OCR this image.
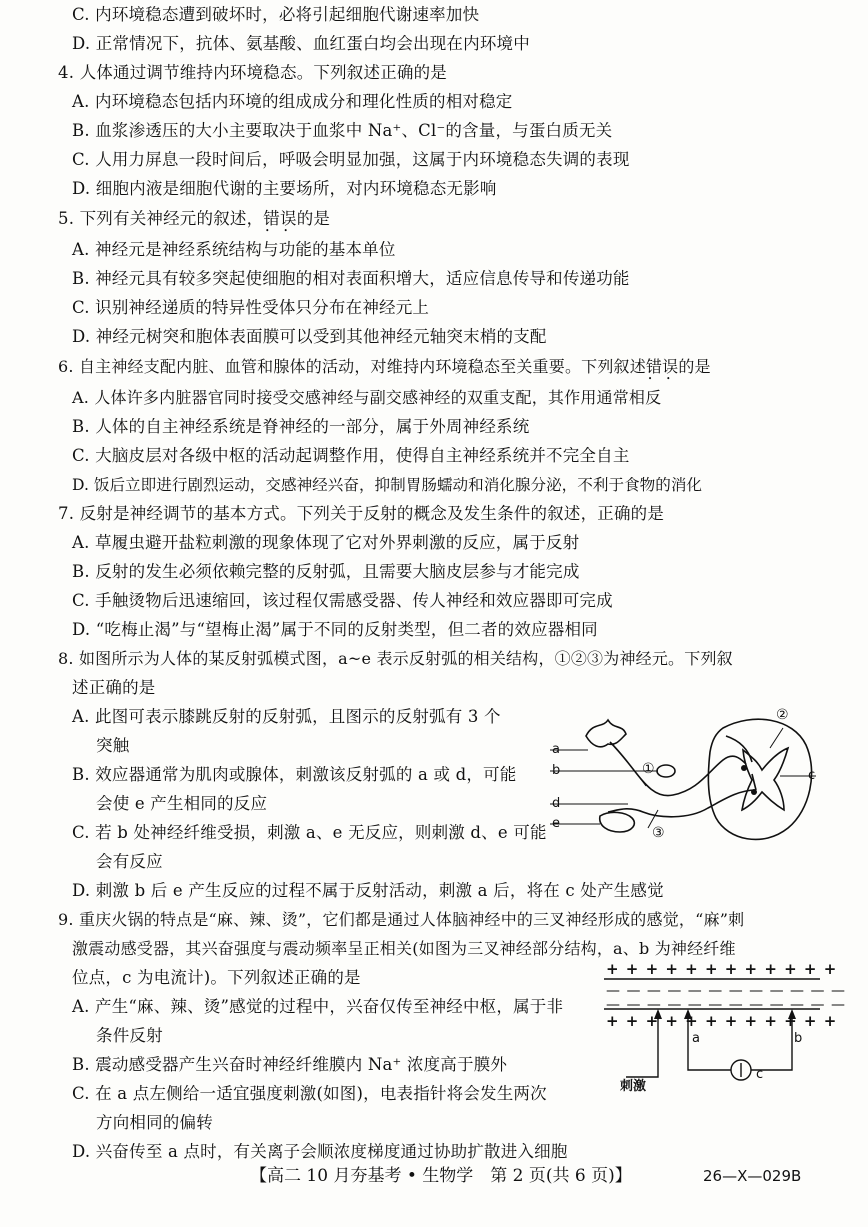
C. 内环境稳态遭到破坏时，必将引起细胞代谢速率加快
D. 正常情况下，抗体、氨基酸、血红蛋白均会出现在内环境中
4. 人体通过调节维持内环境稳态。下列叙述正确的是
A. 内环境稳态包括内环境的组成成分和理化性质的相对稳定
B. 血浆渗透压的大小主要取决于血浆中 Na⁺、Cl⁻的含量，与蛋白质无关
C. 人用力屏息一段时间后，呼吸会明显加强，这属于内环境稳态失调的表现
D. 细胞内液是细胞代谢的主要场所，对内环境稳态无影响
5. 下列有关神经元的叙述，错误 • •的是
A. 神经元是神经系统结构与功能的基本单位
B. 神经元具有较多突起使细胞的相对表面积增大，适应信息传导和传递功能
C. 识别神经递质的特异性受体只分布在神经元上
D. 神经元树突和胞体表面膜可以受到其他神经元轴突末梢的支配
6. 自主神经支配内脏、血管和腺体的活动，对维持内环境稳态至关重要。下列叙述错误 • •的是
A. 人体许多内脏器官同时接受交感神经与副交感神经的双重支配，其作用通常相反
B. 人体的自主神经系统是脊神经的一部分，属于外周神经系统
C. 大脑皮层对各级中枢的活动起调整作用，使得自主神经系统并不完全自主
D. 饭后立即进行剧烈运动，交感神经兴奋，抑制胃肠蠕动和消化腺分泌，不利于食物的消化
7. 反射是神经调节的基本方式。下列关于反射的概念及发生条件的叙述，正确的是
A. 草履虫避开盐粒刺激的现象体现了它对外界刺激的反应，属于反射
B. 反射的发生必须依赖完整的反射弧，且需要大脑皮层参与才能完成
C. 手触烫物后迅速缩回，该过程仅需感受器、传人神经和效应器即可完成
D. “吃梅止渴”与“望梅止渴”属于不同的反射类型，但二者的效应器相同
8. 如图所示为人体的某反射弧模式图，a~e 表示反射弧的相关结构，①②③为神经元。下列叙
述正确的是
A. 此图可表示膝跳反射的反射弧，且图示的反射弧有 3 个
突触
B. 效应器通常为肌肉或腺体，刺激该反射弧的 a 或 d，可能
会使 e 产生相同的反应
C. 若 b 处神经纤维受损，刺激 a、e 无反应，则刺激 d、e 可能
会有反应
D. 刺激 b 后 e 产生反应的过程不属于反射活动，刺激 a 后，将在 c 处产生感觉
a
b	c
d
e
①
②
③
9. 重庆火锅的特点是“麻、辣、烫”，它们都是通过人体脑神经中的三叉神经形成的感觉，“麻”刺
激震动感受器，其兴奋强度与震动频率呈正相关(如图为三叉神经部分结构，a、b 为神经纤维
位点，c 为电流计)。下列叙述正确的是
A. 产生“麻、辣、烫”感觉的过程中，兴奋仅传至神经中枢，属于非
条件反射
B. 震动感受器产生兴奋时神经纤维膜内 Na⁺ 浓度高于膜外
C. 在 a 点左侧给一适宜强度刺激(如图)，电表指针将会发生两次
方向相同的偏转
D. 兴奋传至 a 点时，有关离子会顺浓度梯度通过协助扩散进入细胞
+ + + + + + + + + + + +
— — — — — — — — — — — —
— — — — — — — — — — — —
+ + + + + + + + + + + +
a	b
c
刺激
【高二 10 月夯基考 • 生物学　第 2 页(共 6 页)】	26—X—029B
